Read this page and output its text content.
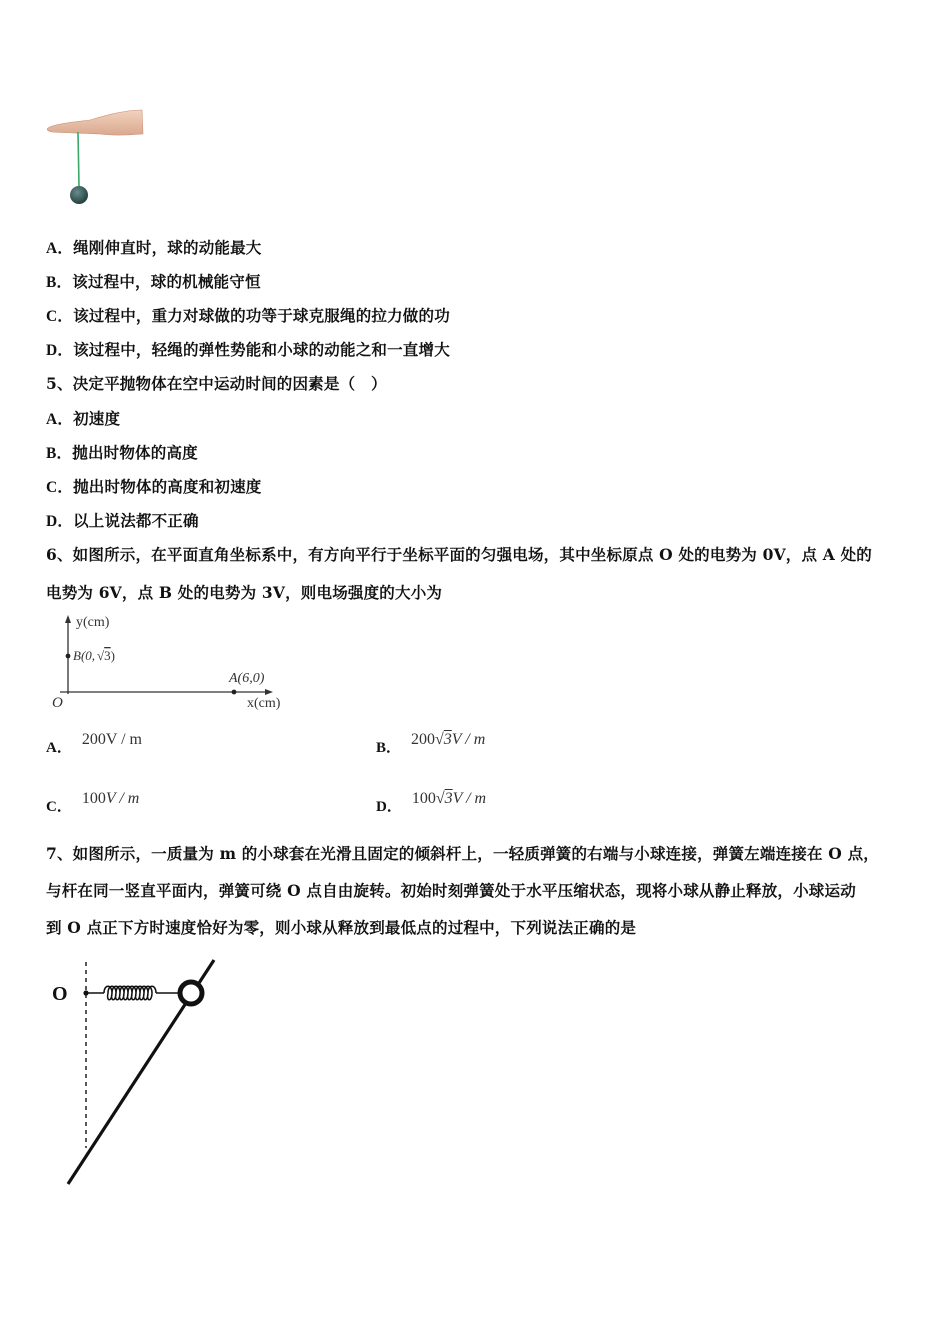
A．绳刚伸直时，球的动能最大
B．该过程中，球的机械能守恒
C．该过程中，重力对球做的功等于球克服绳的拉力做的功
D．该过程中，轻绳的弹性势能和小球的动能之和一直增大
5、决定平抛物体在空中运动时间的因素是（　）
A．初速度
B．抛出时物体的高度
C．抛出时物体的高度和初速度
D．以上说法都不正确
6、如图所示，在平面直角坐标系中，有方向平行于坐标平面的匀强电场，其中坐标原点 O 处的电势为 0V，点 A 处的
电势为 6V，点 B 处的电势为 3V，则电场强度的大小为
y(cm)
B(0, √3)
A(6,0)
O	x(cm)
A． 200V / m	B． 200√3V / m
C． 100V / m	D． 100√3V / m
7、如图所示，一质量为 m 的小球套在光滑且固定的倾斜杆上，一轻质弹簧的右端与小球连接，弹簧左端连接在 O 点，
与杆在同一竖直平面内，弹簧可绕 O 点自由旋转。初始时刻弹簧处于水平压缩状态，现将小球从静止释放，小球运动
到 O 点正下方时速度恰好为零，则小球从释放到最低点的过程中，下列说法正确的是
O
